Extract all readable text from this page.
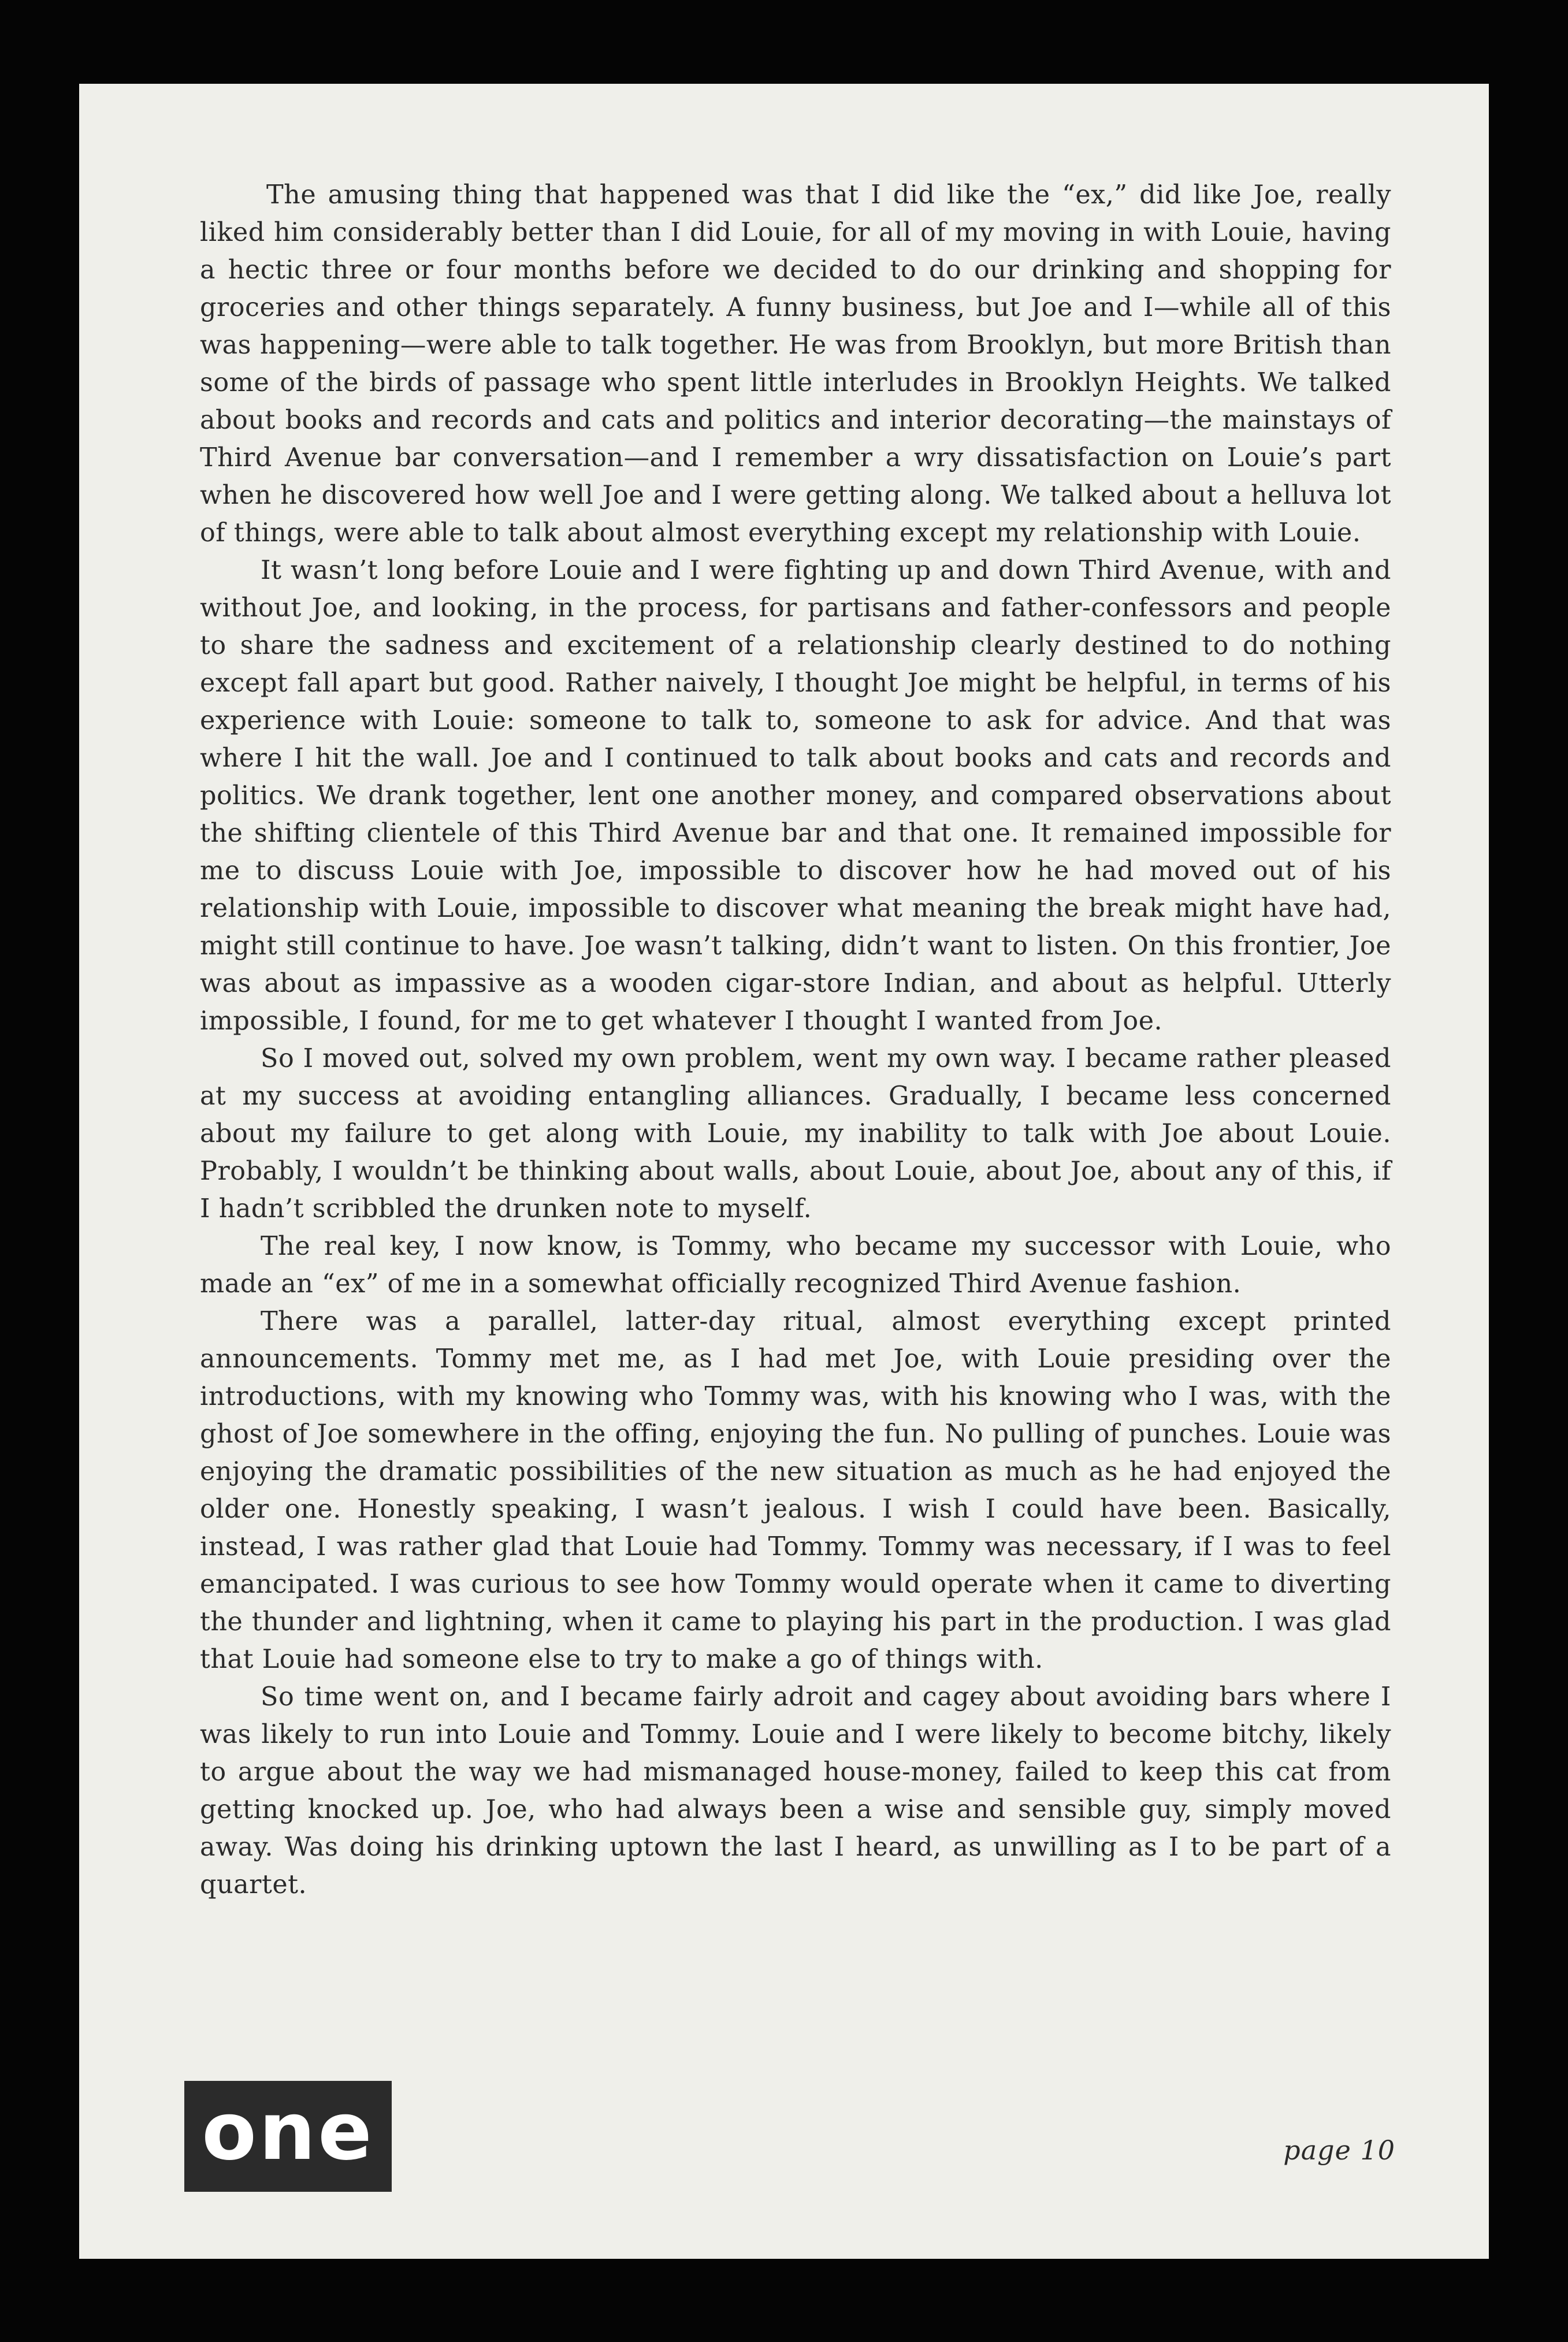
The amusing thing that happened was that I did like the “ex,” did like Joe, really liked him considerably better than I did Louie, for all of my moving in with Louie, having a hectic three or four months before we decided to do our drinking and shopping for groceries and other things separately. A funny business, but Joe and I—while all of this was happening—were able to talk together. He was from Brooklyn, but more British than some of the birds of passage who spent little interludes in Brooklyn Heights. We talked about books and records and cats and politics and interior decorating—the mainstays of Third Avenue bar conversation—and I remember a wry dissatisfaction on Louie’s part when he discovered how well Joe and I were getting along. We talked about a helluva lot of things, were able to talk about almost everything except my relationship with Louie.

It wasn’t long before Louie and I were fighting up and down Third Avenue, with and without Joe, and looking, in the process, for partisans and father-confessors and people to share the sadness and excitement of a relationship clearly destined to do nothing except fall apart but good. Rather naively, I thought Joe might be helpful, in terms of his experience with Louie: someone to talk to, someone to ask for advice. And that was where I hit the wall. Joe and I continued to talk about books and cats and records and politics. We drank together, lent one another money, and compared observations about the shifting clientele of this Third Avenue bar and that one. It remained impossible for me to discuss Louie with Joe, impossible to discover how he had moved out of his relationship with Louie, impossible to discover what meaning the break might have had, might still continue to have. Joe wasn’t talking, didn’t want to listen. On this frontier, Joe was about as impassive as a wooden cigar-store Indian, and about as helpful. Utterly impossible, I found, for me to get whatever I thought I wanted from Joe.

So I moved out, solved my own problem, went my own way. I became rather pleased at my success at avoiding entangling alliances. Gradually, I became less concerned about my failure to get along with Louie, my inability to talk with Joe about Louie. Probably, I wouldn’t be thinking about walls, about Louie, about Joe, about any of this, if I hadn’t scribbled the drunken note to myself.

The real key, I now know, is Tommy, who became my successor with Louie, who made an “ex” of me in a somewhat officially recognized Third Avenue fashion.

There was a parallel, latter-day ritual, almost everything except printed announcements. Tommy met me, as I had met Joe, with Louie presiding over the introductions, with my knowing who Tommy was, with his knowing who I was, with the ghost of Joe somewhere in the offing, enjoying the fun. No pulling of punches. Louie was enjoying the dramatic possibilities of the new situation as much as he had enjoyed the older one. Honestly speaking, I wasn’t jealous. I wish I could have been. Basically, instead, I was rather glad that Louie had Tommy. Tommy was necessary, if I was to feel emancipated. I was curious to see how Tommy would operate when it came to diverting the thunder and lightning, when it came to playing his part in the production. I was glad that Louie had someone else to try to make a go of things with.

So time went on, and I became fairly adroit and cagey about avoiding bars where I was likely to run into Louie and Tommy. Louie and I were likely to become bitchy, likely to argue about the way we had mismanaged house-money, failed to keep this cat from getting knocked up. Joe, who had always been a wise and sensible guy, simply moved away. Was doing his drinking uptown the last I heard, as unwilling as I to be part of a quartet.

one	page 10
